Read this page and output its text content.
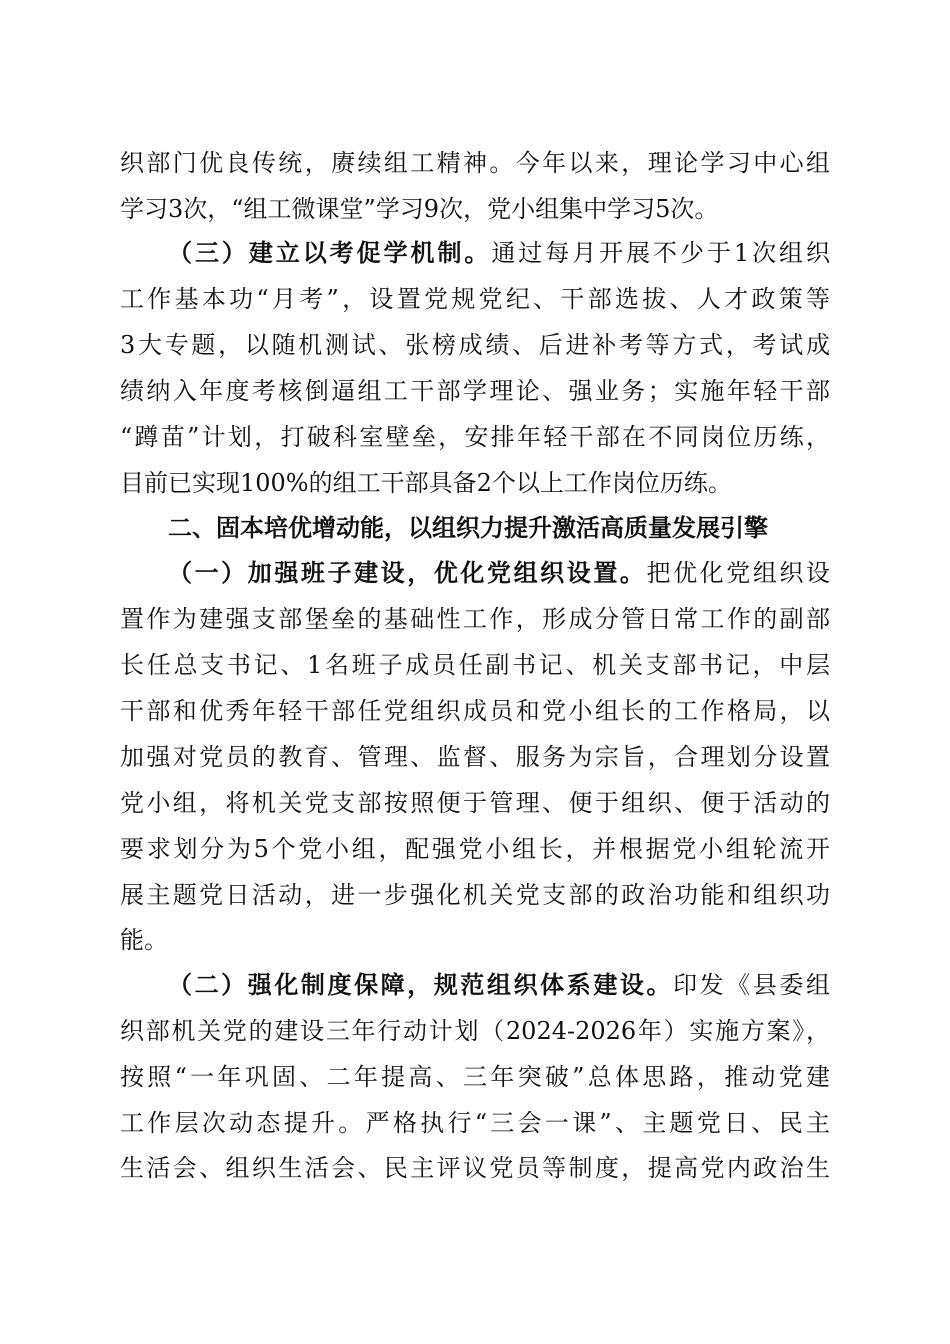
织部门优良传统，赓续组工精神。今年以来，理论学习中心组
学习3次，“组工微课堂”学习9次，党小组集中学习5次。
（三）建立以考促学机制。通过每月开展不少于1次组织
工作基本功“月考”，设置党规党纪、干部选拔、人才政策等
3大专题，以随机测试、张榜成绩、后进补考等方式，考试成
绩纳入年度考核倒逼组工干部学理论、强业务；实施年轻干部
“蹲苗”计划，打破科室壁垒，安排年轻干部在不同岗位历练，
目前已实现100%的组工干部具备2个以上工作岗位历练。
二、固本培优增动能，以组织力提升激活高质量发展引擎
（一）加强班子建设，优化党组织设置。把优化党组织设
置作为建强支部堡垒的基础性工作，形成分管日常工作的副部
长任总支书记、1名班子成员任副书记、机关支部书记，中层
干部和优秀年轻干部任党组织成员和党小组长的工作格局，以
加强对党员的教育、管理、监督、服务为宗旨，合理划分设置
党小组，将机关党支部按照便于管理、便于组织、便于活动的
要求划分为5个党小组，配强党小组长，并根据党小组轮流开
展主题党日活动，进一步强化机关党支部的政治功能和组织功
能。
（二）强化制度保障，规范组织体系建设。印发《县委组
织部机关党的建设三年行动计划（2024-2026年）实施方案》，
按照“一年巩固、二年提高、三年突破”总体思路，推动党建
工作层次动态提升。严格执行“三会一课”、主题党日、民主
生活会、组织生活会、民主评议党员等制度，提高党内政治生
